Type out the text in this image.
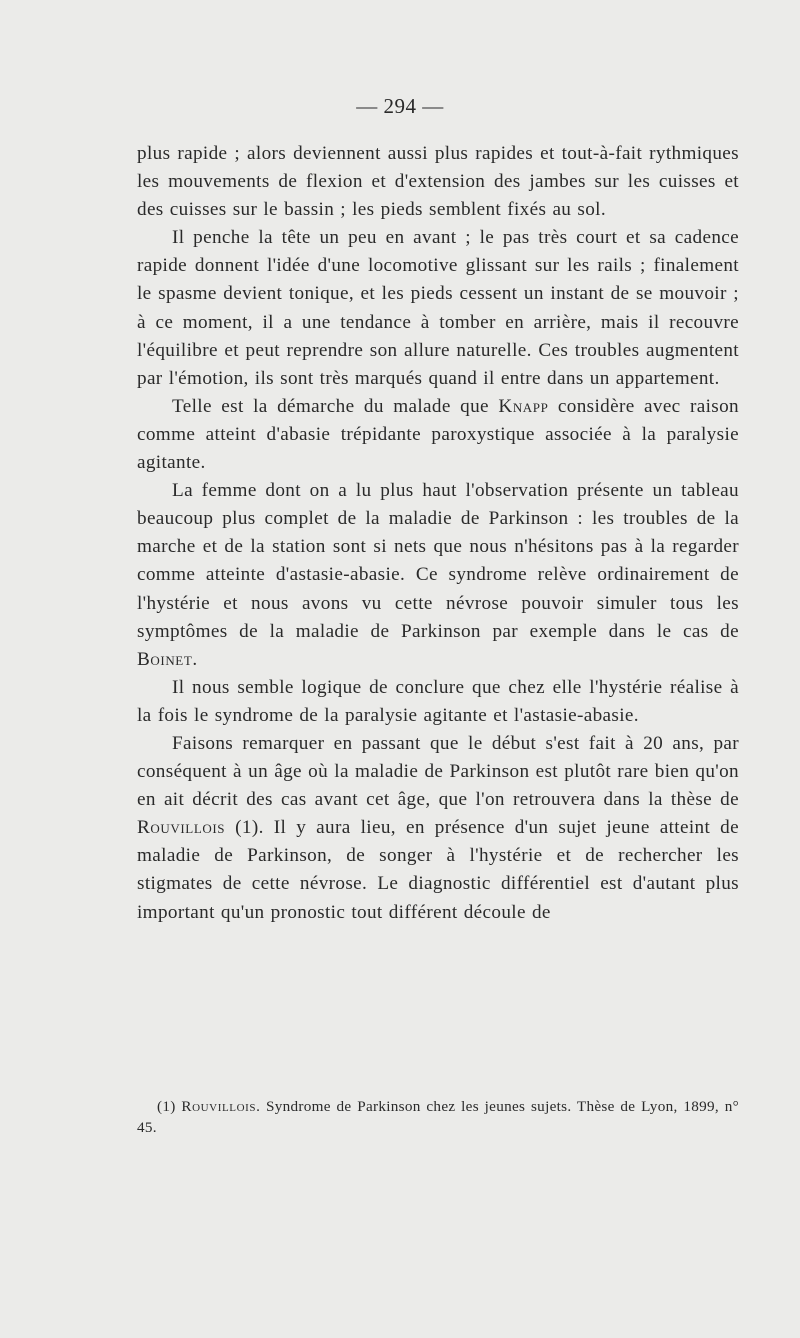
— 294 —

plus rapide ; alors deviennent aussi plus rapides et tout-à-fait rythmiques les mouvements de flexion et d'extension des jambes sur les cuisses et des cuisses sur le bassin ; les pieds semblent fixés au sol.

Il penche la tête un peu en avant ; le pas très court et sa cadence rapide donnent l'idée d'une locomotive glissant sur les rails ; finalement le spasme devient tonique, et les pieds cessent un instant de se mouvoir ; à ce moment, il a une tendance à tomber en arrière, mais il recouvre l'équilibre et peut reprendre son allure naturelle. Ces troubles augmentent par l'émotion, ils sont très marqués quand il entre dans un appartement.

Telle est la démarche du malade que Knapp considère avec raison comme atteint d'abasie trépidante paroxystique associée à la paralysie agitante.

La femme dont on a lu plus haut l'observation présente un tableau beaucoup plus complet de la maladie de Parkinson : les troubles de la marche et de la station sont si nets que nous n'hésitons pas à la regarder comme atteinte d'astasie-abasie. Ce syndrome relève ordinairement de l'hystérie et nous avons vu cette névrose pouvoir simuler tous les symptômes de la maladie de Parkinson par exemple dans le cas de Boinet.

Il nous semble logique de conclure que chez elle l'hystérie réalise à la fois le syndrome de la paralysie agitante et l'astasie-abasie.

Faisons remarquer en passant que le début s'est fait à 20 ans, par conséquent à un âge où la maladie de Parkinson est plutôt rare bien qu'on en ait décrit des cas avant cet âge, que l'on retrouvera dans la thèse de Rouvillois (1). Il y aura lieu, en présence d'un sujet jeune atteint de maladie de Parkinson, de songer à l'hystérie et de rechercher les stigmates de cette névrose. Le diagnostic différentiel est d'autant plus important qu'un pronostic tout différent découle de

(1) Rouvillois. Syndrome de Parkinson chez les jeunes sujets. Thèse de Lyon, 1899, n° 45.
